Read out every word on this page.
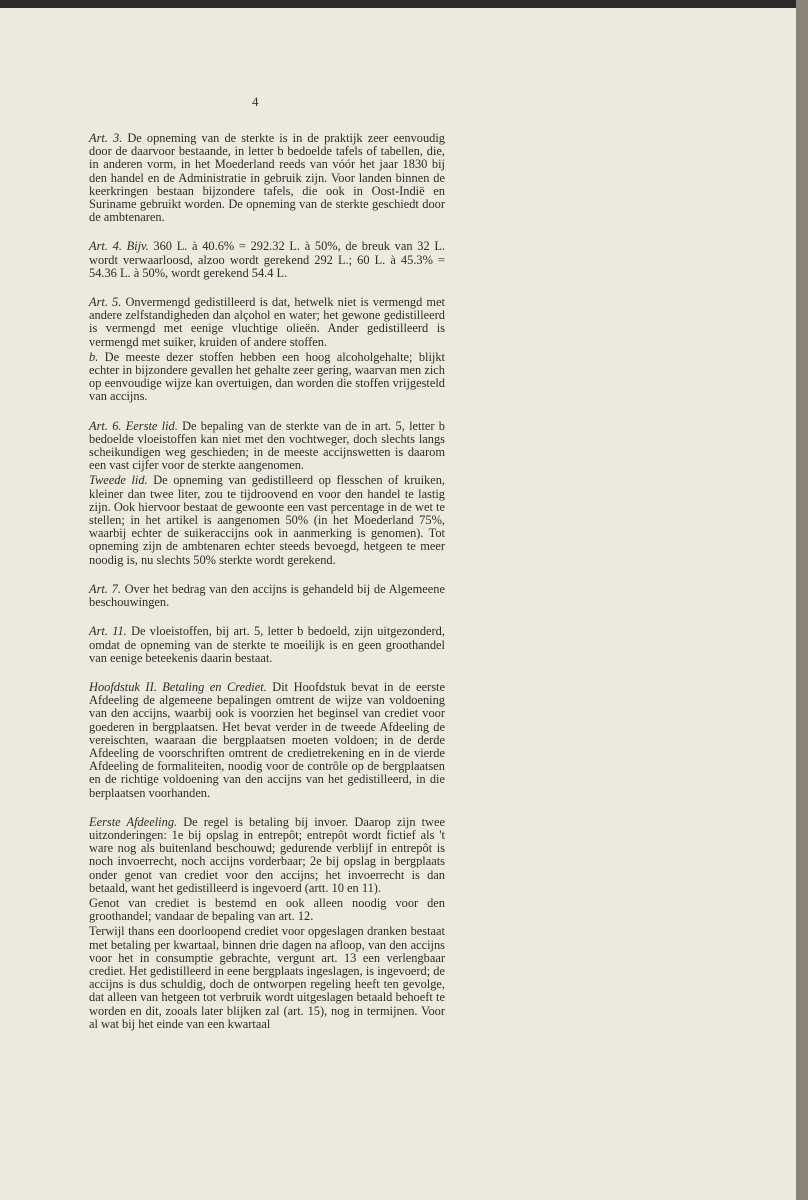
4

Art. 3. De opneming van de sterkte is in de praktijk zeer eenvoudig door de daarvoor bestaande, in letter b bedoelde tafels of tabellen, die, in anderen vorm, in het Moederland reeds van vóór het jaar 1830 bij den handel en de Administratie in gebruik zijn. Voor landen binnen de keerkringen bestaan bijzondere tafels, die ook in Oost-Indië en Suriname gebruikt worden. De opneming van de sterkte geschiedt door de ambtenaren.

Art. 4. Bijv. 360 L. à 40.6% = 292.32 L. à 50%, de breuk van 32 L. wordt verwaarloosd, alzoo wordt gerekend 292 L.; 60 L. à 45.3% = 54.36 L. à 50%, wordt gerekend 54.4 L.

Art. 5. Onvermengd gedistilleerd is dat, hetwelk niet is vermengd met andere zelfstandigheden dan alçohol en water; het gewone gedistilleerd is vermengd met eenige vluchtige olieën. Ander gedistilleerd is vermengd met suiker, kruiden of andere stoffen.

b. De meeste dezer stoffen hebben een hoog alcoholgehalte; blijkt echter in bijzondere gevallen het gehalte zeer gering, waarvan men zich op eenvoudige wijze kan overtuigen, dan worden die stoffen vrijgesteld van accijns.

Art. 6. Eerste lid. De bepaling van de sterkte van de in art. 5, letter b bedoelde vloeistoffen kan niet met den vochtweger, doch slechts langs scheikundigen weg geschieden; in de meeste accijnswetten is daarom een vast cijfer voor de sterkte aangenomen.

Tweede lid. De opneming van gedistilleerd op flesschen of kruiken, kleiner dan twee liter, zou te tijdroovend en voor den handel te lastig zijn. Ook hiervoor bestaat de gewoonte een vast percentage in de wet te stellen; in het artikel is aangenomen 50% (in het Moederland 75%, waarbij echter de suikeraccijns ook in aanmerking is genomen). Tot opneming zijn de ambtenaren echter steeds bevoegd, hetgeen te meer noodig is, nu slechts 50% sterkte wordt gerekend.

Art. 7. Over het bedrag van den accijns is gehandeld bij de Algemeene beschouwingen.

Art. 11. De vloeistoffen, bij art. 5, letter b bedoeld, zijn uitgezonderd, omdat de opneming van de sterkte te moeilijk is en geen groothandel van eenige beteekenis daarin bestaat.

Hoofdstuk II. Betaling en Crediet. Dit Hoofdstuk bevat in de eerste Afdeeling de algemeene bepalingen omtrent de wijze van voldoening van den accijns, waarbij ook is voorzien het beginsel van crediet voor goederen in bergplaatsen. Het bevat verder in de tweede Afdeeling de vereischten, waaraan die bergplaatsen moeten voldoen; in de derde Afdeeling de voorschriften omtrent de credietrekening en in de vierde Afdeeling de formaliteiten, noodig voor de contrôle op de bergplaatsen en de richtige voldoening van den accijns van het gedistilleerd, in die berplaatsen voorhanden.

Eerste Afdeeling. De regel is betaling bij invoer. Daarop zijn twee uitzonderingen: 1e bij opslag in entrepôt; entrepôt wordt fictief als 't ware nog als buitenland beschouwd; gedurende verblijf in entrepôt is noch invoerrecht, noch accijns vorderbaar; 2e bij opslag in bergplaats onder genot van crediet voor den accijns; het invoerrecht is dan betaald, want het gedistilleerd is ingevoerd (artt. 10 en 11).

Genot van crediet is bestemd en ook alleen noodig voor den groothandel; vandaar de bepaling van art. 12.

Terwijl thans een doorloopend crediet voor opgeslagen dranken bestaat met betaling per kwartaal, binnen drie dagen na afloop, van den accijns voor het in consumptie gebrachte, vergunt art. 13 een verlengbaar crediet. Het gedistilleerd in eene bergplaats ingeslagen, is ingevoerd; de accijns is dus schuldig, doch de ontworpen regeling heeft ten gevolge, dat alleen van hetgeen tot verbruik wordt uitgeslagen betaald behoeft te worden en dit, zooals later blijken zal (art. 15), nog in termijnen. Voor al wat bij het einde van een kwartaal
